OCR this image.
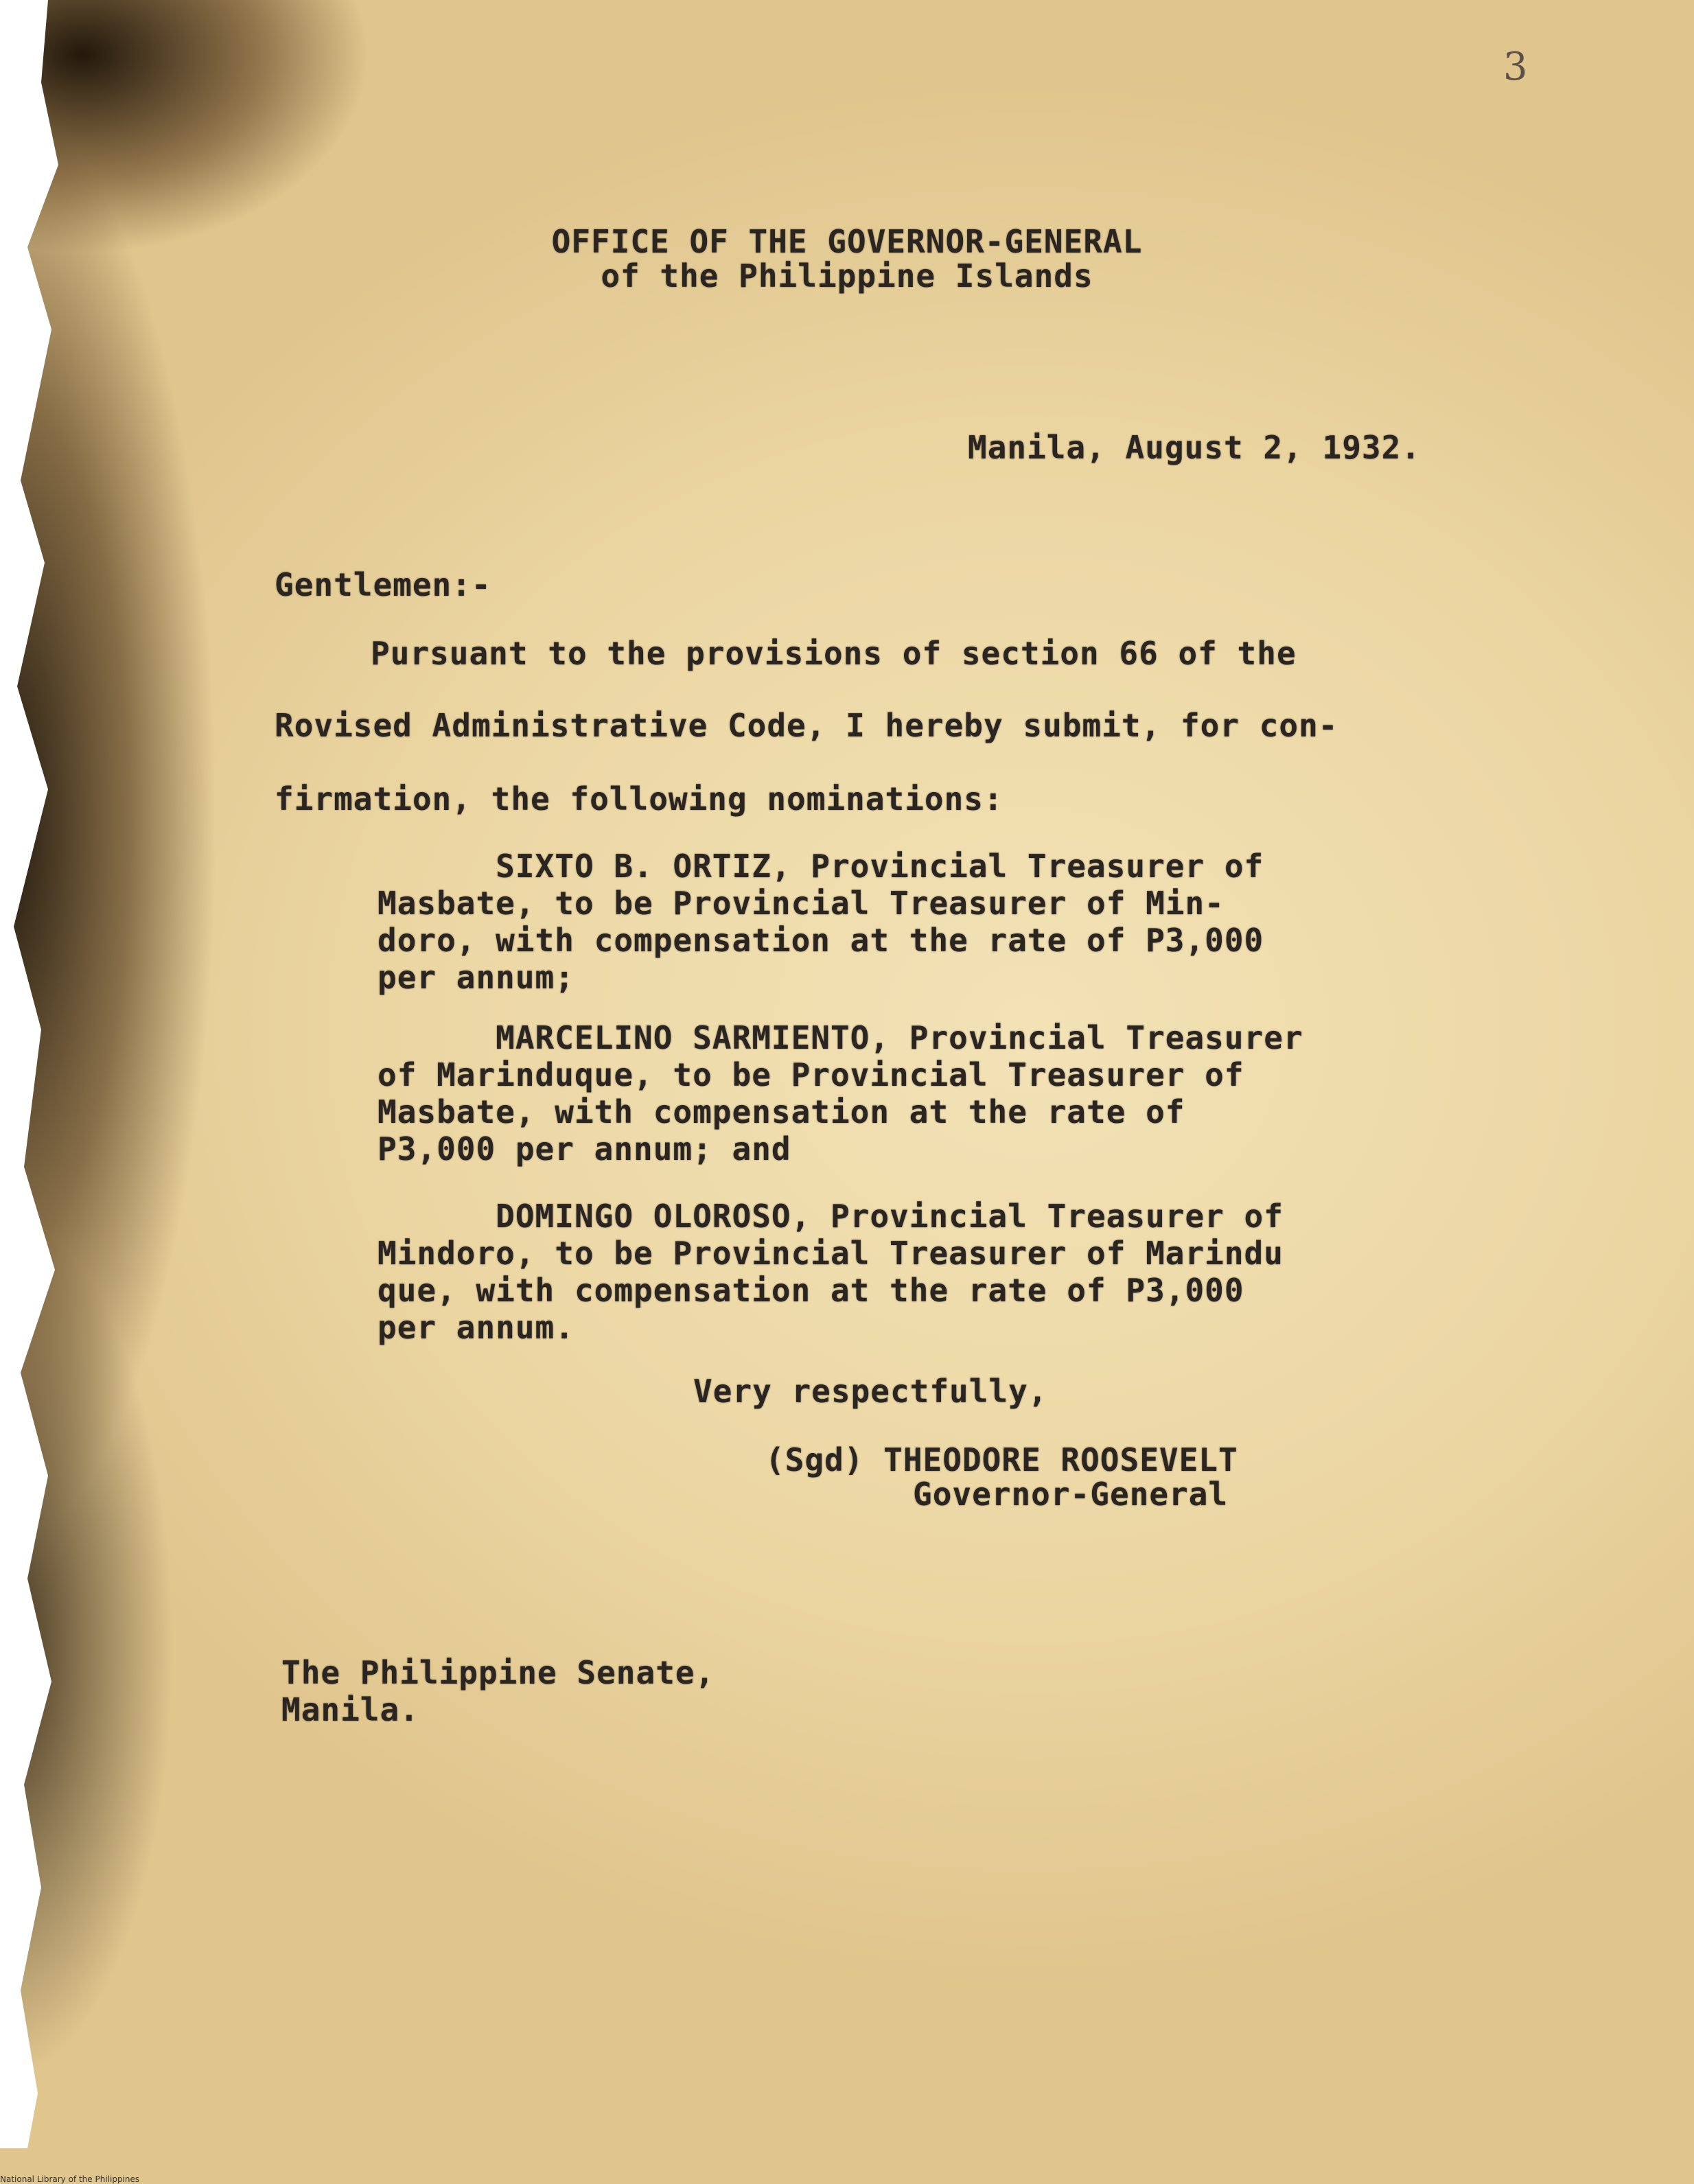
3
OFFICE OF THE GOVERNOR-GENERAL
of the Philippine Islands
Manila, August 2, 1932.
Gentlemen:-
Pursuant to the provisions of section 66 of the
Rovised Administrative Code, I hereby submit, for con-
firmation, the following nominations:
SIXTO B. ORTIZ, Provincial Treasurer of
Masbate, to be Provincial Treasurer of Min-
doro, with compensation at the rate of P3,000
per annum;
MARCELINO SARMIENTO, Provincial Treasurer
of Marinduque, to be Provincial Treasurer of
Masbate, with compensation at the rate of
P3,000 per annum; and
DOMINGO OLOROSO, Provincial Treasurer of
Mindoro, to be Provincial Treasurer of Marindu
que, with compensation at the rate of P3,000
per annum.
Very respectfully,
(Sgd) THEODORE ROOSEVELT
Governor-General
The Philippine Senate,
Manila.
National Library of the Philippines
